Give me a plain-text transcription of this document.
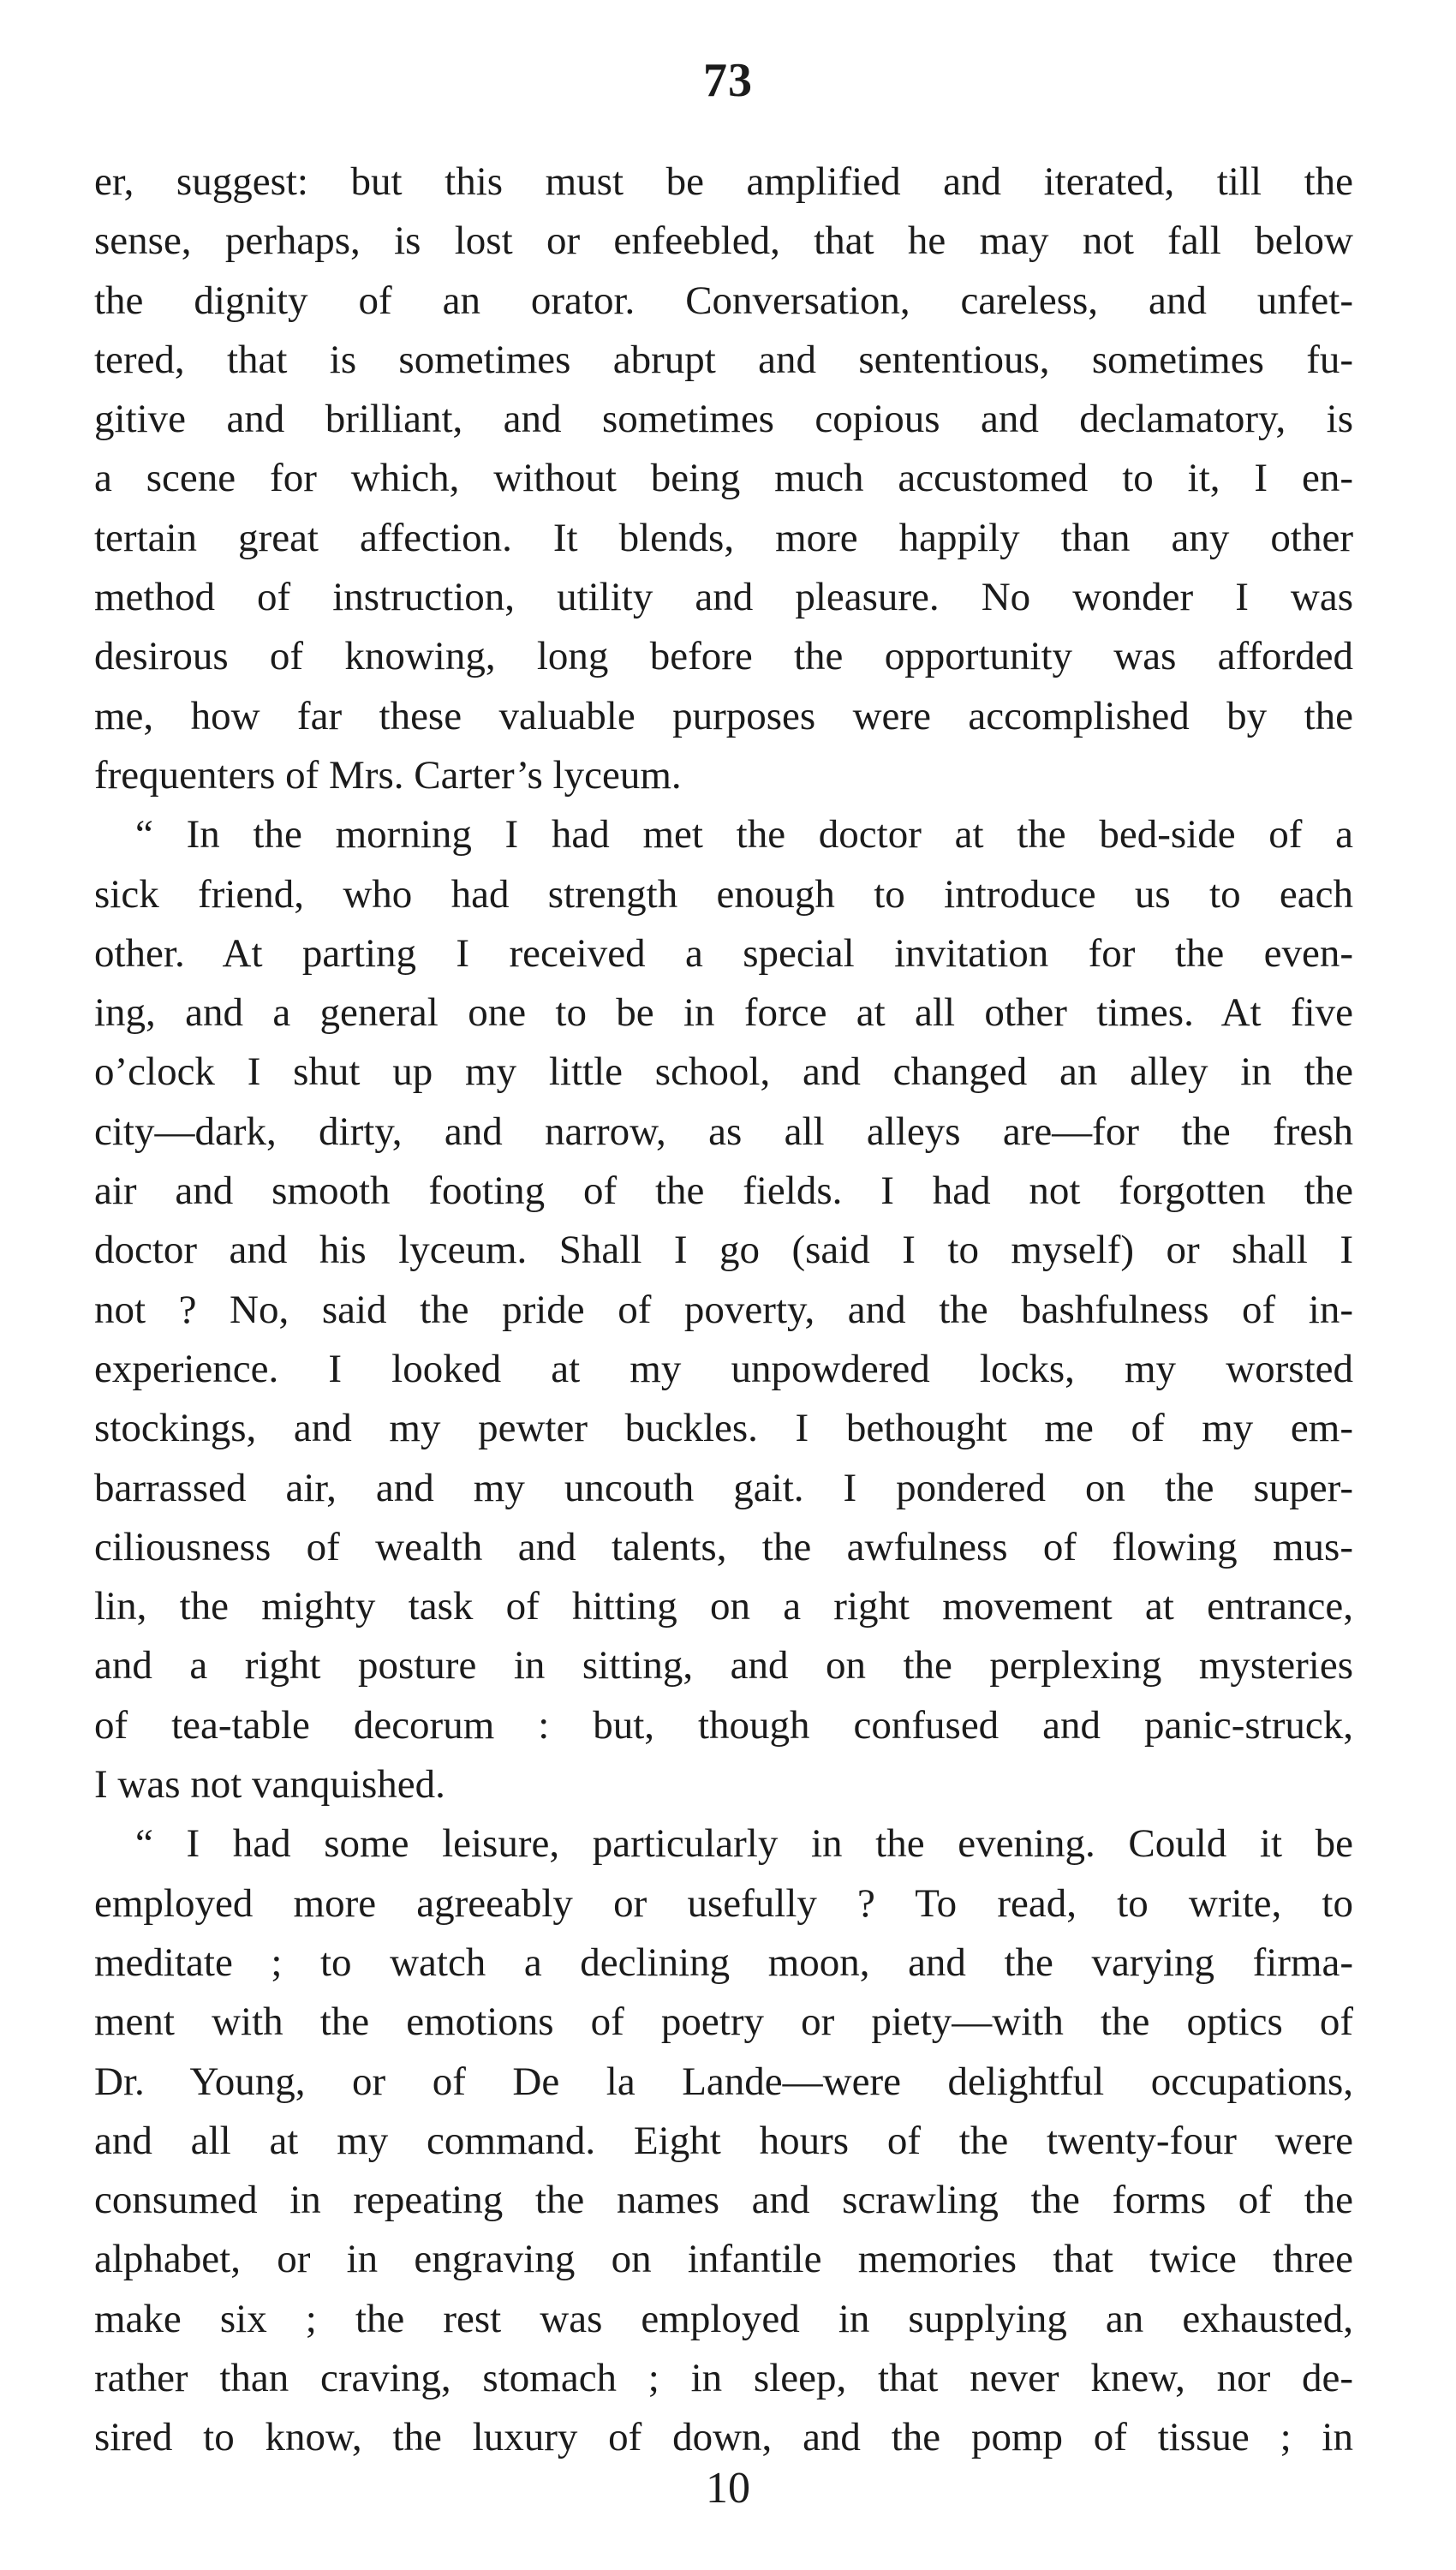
73
er, suggest: but this must be amplified and iterated, till the
sense, perhaps, is lost or enfeebled, that he may not fall below
the dignity of an orator. Conversation, careless, and unfet-
tered, that is sometimes abrupt and sententious, sometimes fu-
gitive and brilliant, and sometimes copious and declamatory, is
a scene for which, without being much accustomed to it, I en-
tertain great affection. It blends, more happily than any other
method of instruction, utility and pleasure. No wonder I was
desirous of knowing, long before the opportunity was afforded
me, how far these valuable purposes were accomplished by the
frequenters of Mrs. Carter’s lyceum.
“ In the morning I had met the doctor at the bed-side of a
sick friend, who had strength enough to introduce us to each
other. At parting I received a special invitation for the even-
ing, and a general one to be in force at all other times. At five
o’clock I shut up my little school, and changed an alley in the
city—dark, dirty, and narrow, as all alleys are—for the fresh
air and smooth footing of the fields. I had not forgotten the
doctor and his lyceum. Shall I go (said I to myself) or shall I
not ? No, said the pride of poverty, and the bashfulness of in-
experience. I looked at my unpowdered locks, my worsted
stockings, and my pewter buckles. I bethought me of my em-
barrassed air, and my uncouth gait. I pondered on the super-
ciliousness of wealth and talents, the awfulness of flowing mus-
lin, the mighty task of hitting on a right movement at entrance,
and a right posture in sitting, and on the perplexing mysteries
of tea-table decorum : but, though confused and panic-struck,
I was not vanquished.
“ I had some leisure, particularly in the evening. Could it be
employed more agreeably or usefully ? To read, to write, to
meditate ; to watch a declining moon, and the varying firma-
ment with the emotions of poetry or piety—with the optics of
Dr. Young, or of De la Lande—were delightful occupations,
and all at my command. Eight hours of the twenty-four were
consumed in repeating the names and scrawling the forms of the
alphabet, or in engraving on infantile memories that twice three
make six ; the rest was employed in supplying an exhausted,
rather than craving, stomach ; in sleep, that never knew, nor de-
sired to know, the luxury of down, and the pomp of tissue ; in
10
